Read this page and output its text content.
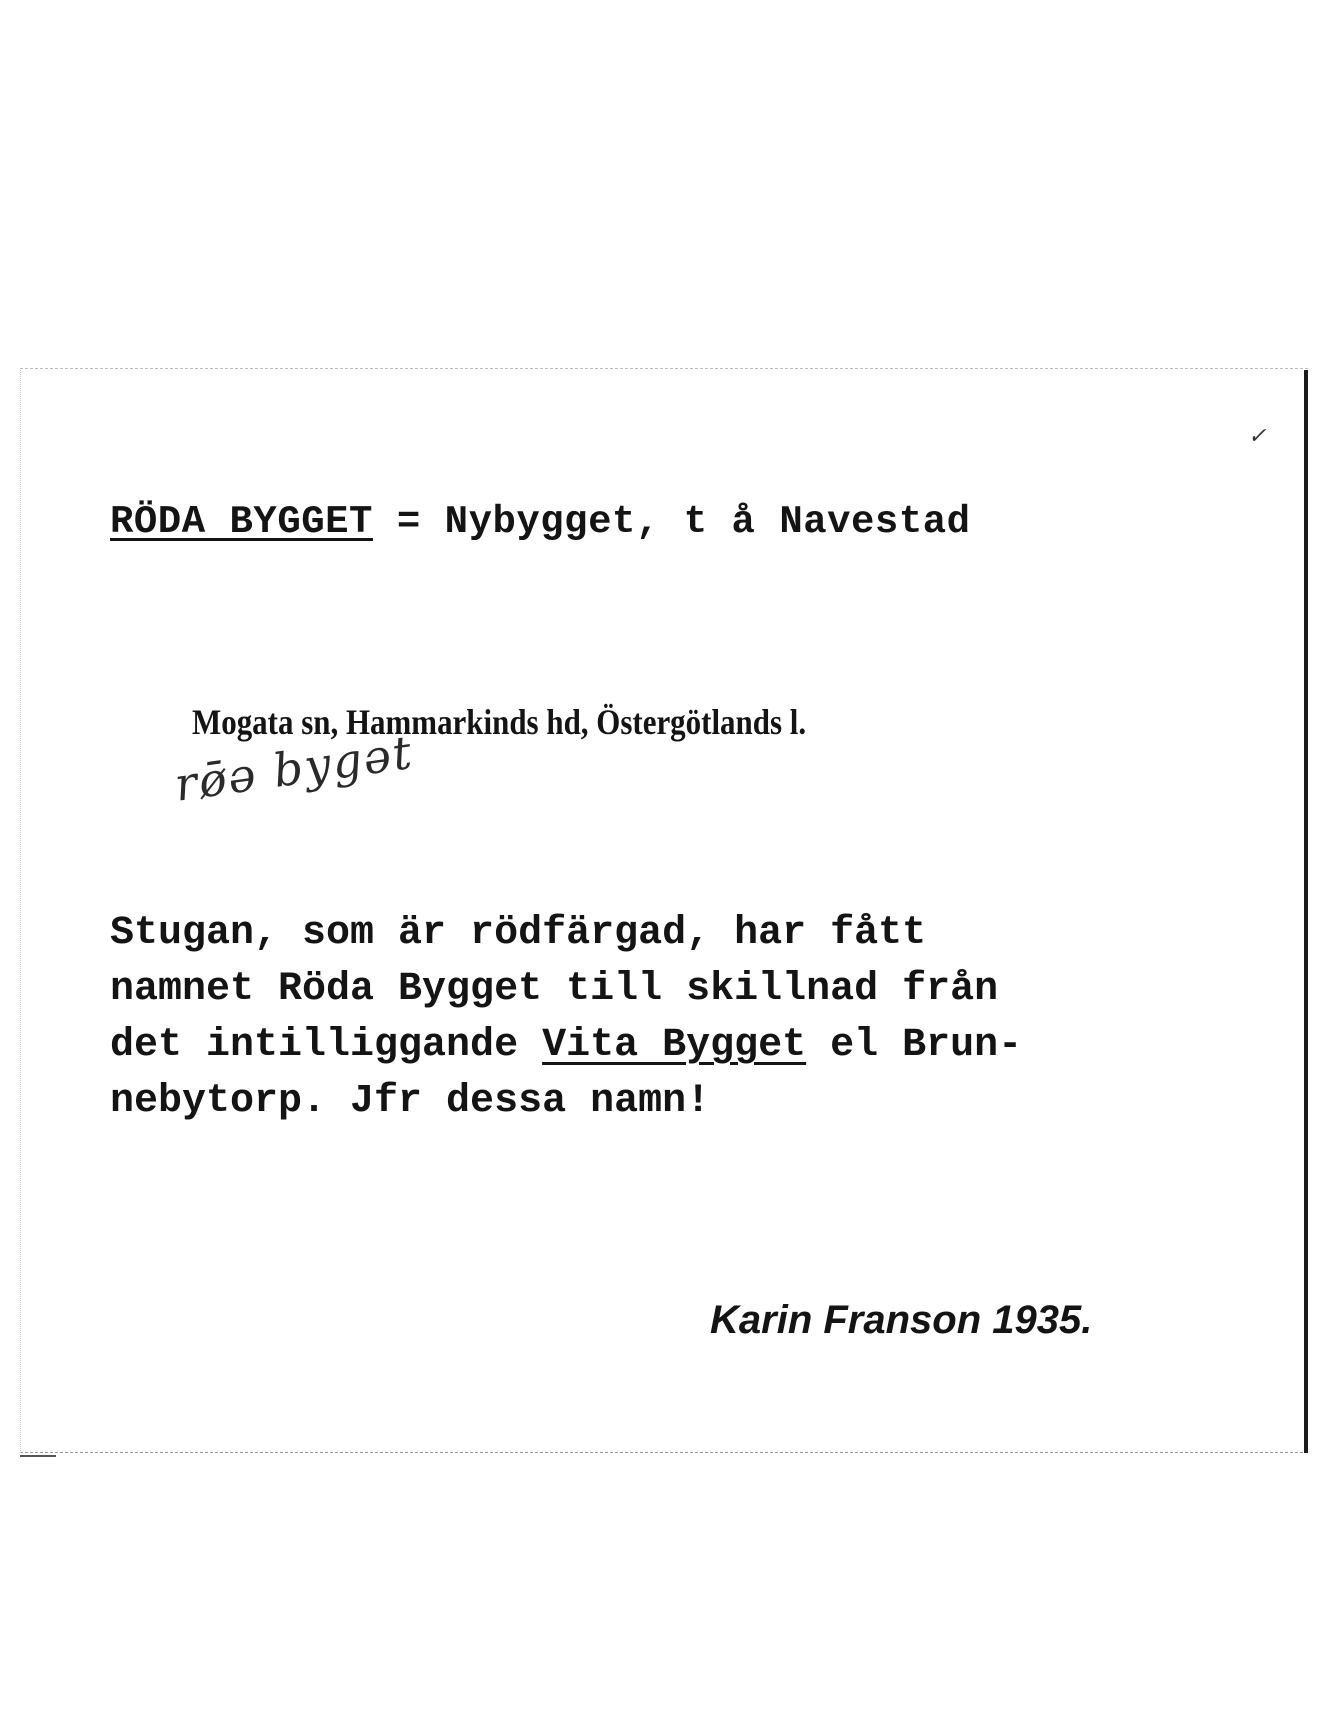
✓
RÖDA BYGGET = Nybygget, t å Navestad
Mogata sn, Hammarkinds hd, Östergötlands l.
rø̄ə bygət

Stugan, som är rödfärgad, har fått
namnet Röda Bygget till skillnad från
det intilliggande Vita Bygget el Brun-
nebytorp. Jfr dessa namn!

Karin Franson 1935.
